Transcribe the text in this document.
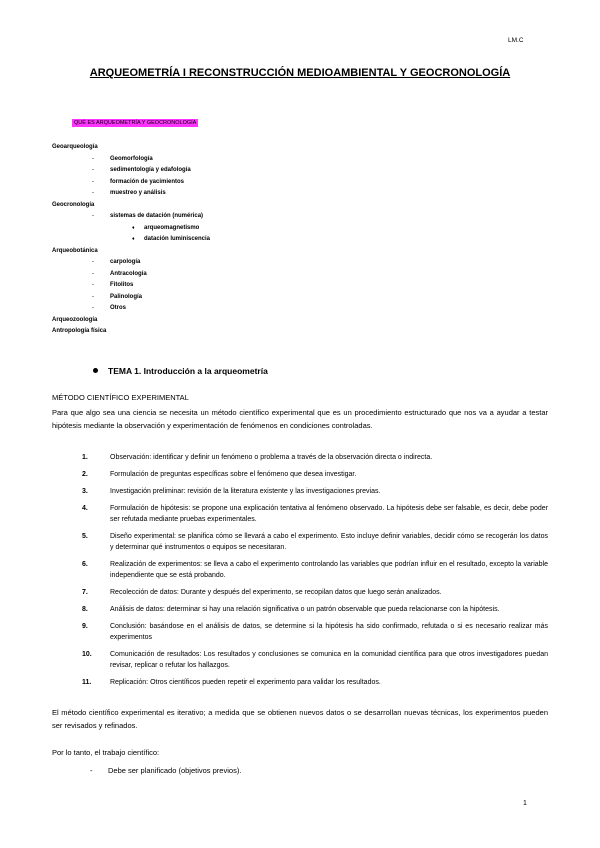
LM.C
ARQUEOMETRÍA I RECONSTRUCCIÓN MEDIOAMBIENTAL Y GEOCRONOLOGÍA
QUÉ ES ARQUEOMETRÍA Y GEOCRONOLOGÍA
Geoarqueología
-	Geomorfología
-	sedimentología y edafología
-	formación de yacimientos
-	muestreo y análisis
Geocronología
-	sistemas de datación (numérica)
♦ arqueomagnetismo
♦ datación luminiscencia
Arqueobotánica
-	carpología
-	Antracología
-	Fitolitos
-	Palinología
-	Otros
Arqueozoología
Antropología física
TEMA 1. Introducción a la arqueometría
MÉTODO CIENTÍFICO EXPERIMENTAL
Para que algo sea una ciencia se necesita un método científico experimental que es un procedimiento estructurado que nos va a ayudar a testar hipótesis mediante la observación y experimentación de fenómenos en condiciones controladas.
1.	Observación: identificar y definir un fenómeno o problema a través de la observación directa o indirecta.
2.	Formulación de preguntas específicas sobre el fenómeno que desea investigar.
3.	Investigación preliminar: revisión de la literatura existente y las investigaciones previas.
4.	Formulación de hipótesis: se propone una explicación tentativa al fenómeno observado. La hipótesis debe ser falsable, es decir, debe poder ser refutada mediante pruebas experimentales.
5.	Diseño experimental: se planifica cómo se llevará a cabo el experimento. Esto incluye definir variables, decidir cómo se recogerán los datos y determinar qué instrumentos o equipos se necesitaran.
6.	Realización de experimentos: se lleva a cabo el experimento controlando las variables que podrían influir en el resultado, excepto la variable independiente que se está probando.
7.	Recolección de datos: Durante y después del experimento, se recopilan datos que luego serán analizados.
8.	Análisis de datos: determinar si hay una relación significativa o un patrón observable que pueda relacionarse con la hipótesis.
9.	Conclusión: basándose en el análisis de datos, se determine si la hipótesis ha sido confirmado, refutada o si es necesario realizar más experimentos
10.	Comunicación de resultados: Los resultados y conclusiones se comunica en la comunidad científica para que otros investigadores puedan revisar, replicar o refutar los hallazgos.
11.	Replicación: Otros científicos pueden repetir el experimento para validar los resultados.
El método científico experimental es iterativo; a medida que se obtienen nuevos datos o se desarrollan nuevas técnicas, los experimentos pueden ser revisados y refinados.
Por lo tanto, el trabajo científico:
- Debe ser planificado (objetivos previos).
1
